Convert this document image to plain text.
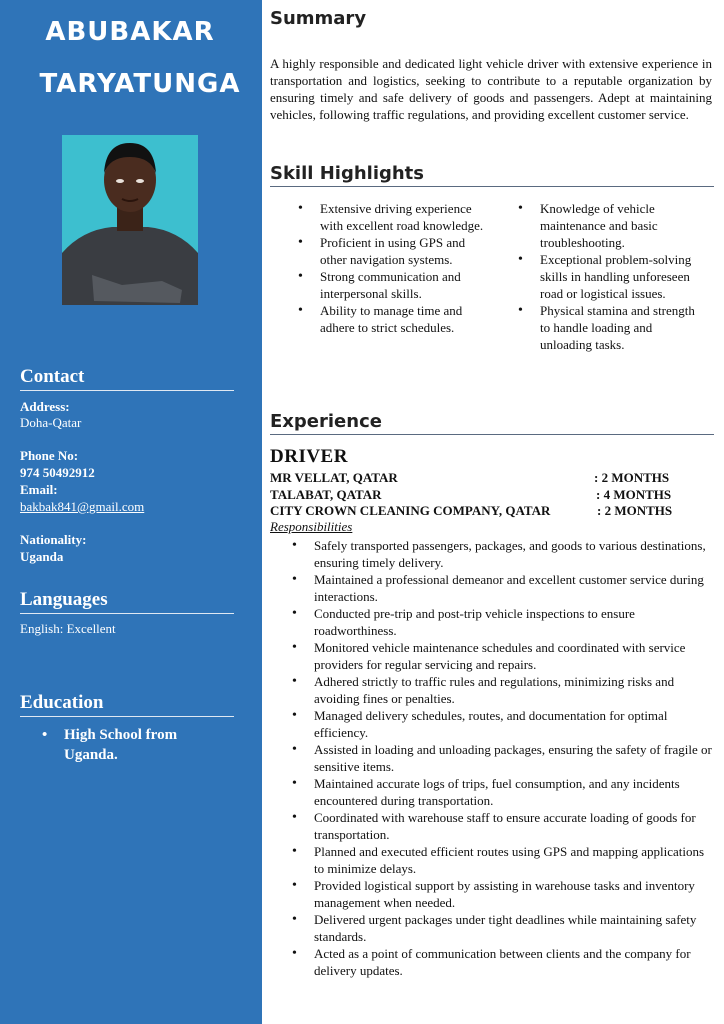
ABUBAKAR
TARYATUNGA
Contact
Address:
Doha-Qatar
Phone No:
974 50492912
Email:
bakbak841@gmail.com
Nationality:
Uganda
Languages
English: Excellent
Education
• High School from Uganda.
Summary

A highly responsible and dedicated light vehicle driver with extensive experience in transportation and logistics, seeking to contribute to a reputable organization by ensuring timely and safe delivery of goods and passengers. Adept at maintaining vehicles, following traffic regulations, and providing excellent customer service.

Skill Highlights
• Extensive driving experience with excellent road knowledge.
• Proficient in using GPS and other navigation systems.
• Strong communication and interpersonal skills.
• Ability to manage time and adhere to strict schedules.
• Knowledge of vehicle maintenance and basic troubleshooting.
• Exceptional problem-solving skills in handling unforeseen road or logistical issues.
• Physical stamina and strength to handle loading and unloading tasks.
Experience
DRIVER
MR VELLAT, QATAR	: 2 MONTHS
TALABAT, QATAR	: 4 MONTHS
CITY CROWN CLEANING COMPANY, QATAR	: 2 MONTHS
Responsibilities
• Safely transported passengers, packages, and goods to various destinations, ensuring timely delivery.
• Maintained a professional demeanor and excellent customer service during interactions.
• Conducted pre-trip and post-trip vehicle inspections to ensure roadworthiness.
• Monitored vehicle maintenance schedules and coordinated with service providers for regular servicing and repairs.
• Adhered strictly to traffic rules and regulations, minimizing risks and avoiding fines or penalties.
• Managed delivery schedules, routes, and documentation for optimal efficiency.
• Assisted in loading and unloading packages, ensuring the safety of fragile or sensitive items.
• Maintained accurate logs of trips, fuel consumption, and any incidents encountered during transportation.
• Coordinated with warehouse staff to ensure accurate loading of goods for transportation.
• Planned and executed efficient routes using GPS and mapping applications to minimize delays.
• Provided logistical support by assisting in warehouse tasks and inventory management when needed.
• Delivered urgent packages under tight deadlines while maintaining safety standards.
• Acted as a point of communication between clients and the company for delivery updates.
